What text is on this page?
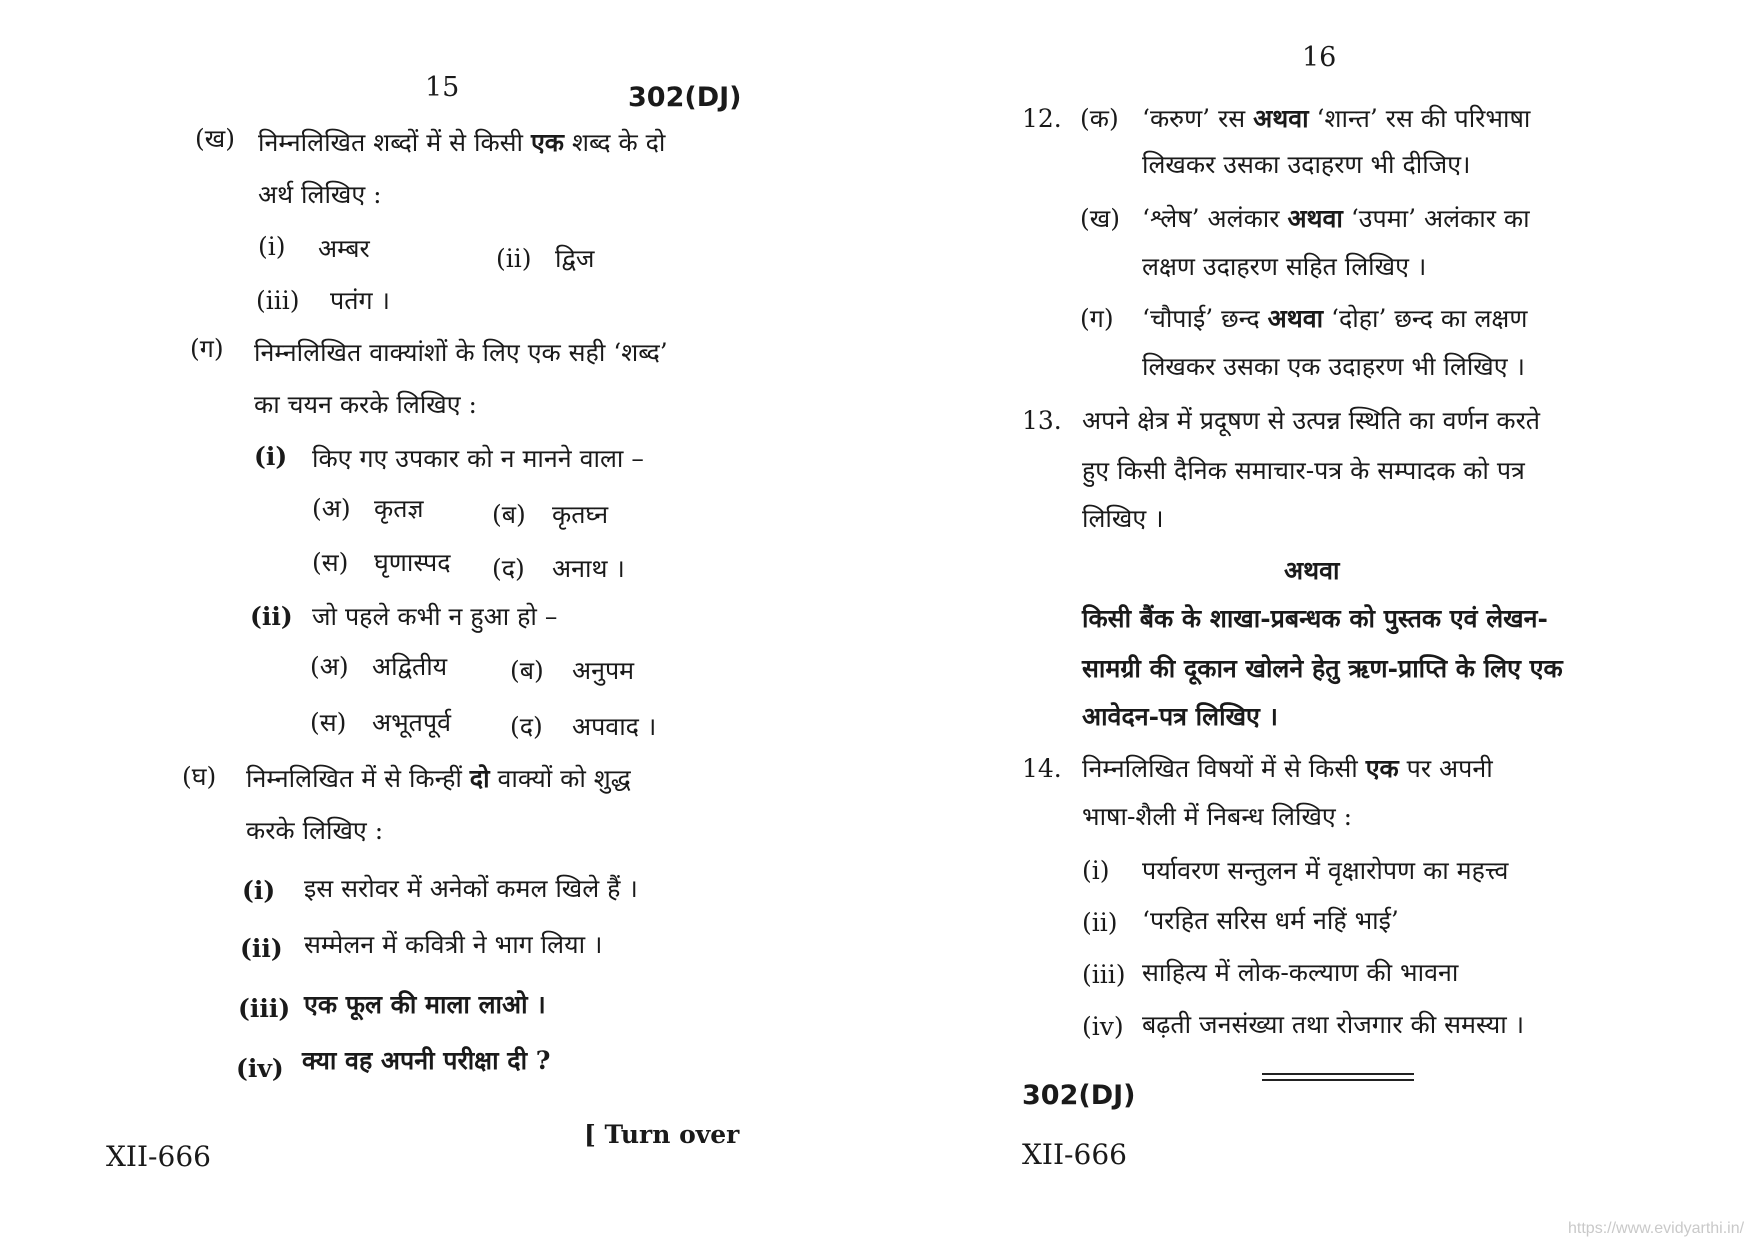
15	302(DJ)
(ख) निम्नलिखित शब्दों में से किसी एक शब्द के दो
अर्थ लिखिए :
(i) अम्बर	(ii) द्विज
(iii) पतंग ।
(ग) निम्नलिखित वाक्यांशों के लिए एक सही ‘शब्द’
का चयन करके लिखिए :
(i) किए गए उपकार को न मानने वाला –
(अ) कृतज्ञ	(ब) कृतघ्न
(स) घृणास्पद (द) अनाथ ।
(ii) जो पहले कभी न हुआ हो –
(अ) अद्वितीय	(ब) अनुपम
(स) अभूतपूर्व (द) अपवाद ।
(घ) निम्नलिखित में से किन्हीं दो वाक्यों को शुद्ध
करके लिखिए :
(i) इस सरोवर में अनेकों कमल खिले हैं ।
(ii) सम्मेलन में कवित्री ने भाग लिया ।
(iii) एक फूल की माला लाओ ।
(iv) क्या वह अपनी परीक्षा दी ?
[ Turn over
XII-666
16
12. (क) ‘करुण’ रस अथवा ‘शान्त’ रस की परिभाषा
लिखकर उसका उदाहरण भी दीजिए।
(ख) ‘श्लेष’ अलंकार अथवा ‘उपमा’ अलंकार का
लक्षण उदाहरण सहित लिखिए ।
(ग) ‘चौपाई’ छन्द अथवा ‘दोहा’ छन्द का लक्षण
लिखकर उसका एक उदाहरण भी लिखिए ।
13. अपने क्षेत्र में प्रदूषण से उत्पन्न स्थिति का वर्णन करते
हुए किसी दैनिक समाचार-पत्र के सम्पादक को पत्र
लिखिए ।
अथवा
किसी बैंक के शाखा-प्रबन्धक को पुस्तक एवं लेखन-
सामग्री की दूकान खोलने हेतु ऋण-प्राप्ति के लिए एक
आवेदन-पत्र लिखिए ।
14. निम्नलिखित विषयों में से किसी एक पर अपनी
भाषा-शैली में निबन्ध लिखिए :
(i) पर्यावरण सन्तुलन में वृक्षारोपण का महत्त्व
(ii) ‘परहित सरिस धर्म नहिं भाई’
(iii) साहित्य में लोक-कल्याण की भावना
(iv) बढ़ती जनसंख्या तथा रोजगार की समस्या ।
302(DJ)
XII-666
https://www.evidyarthi.in/
